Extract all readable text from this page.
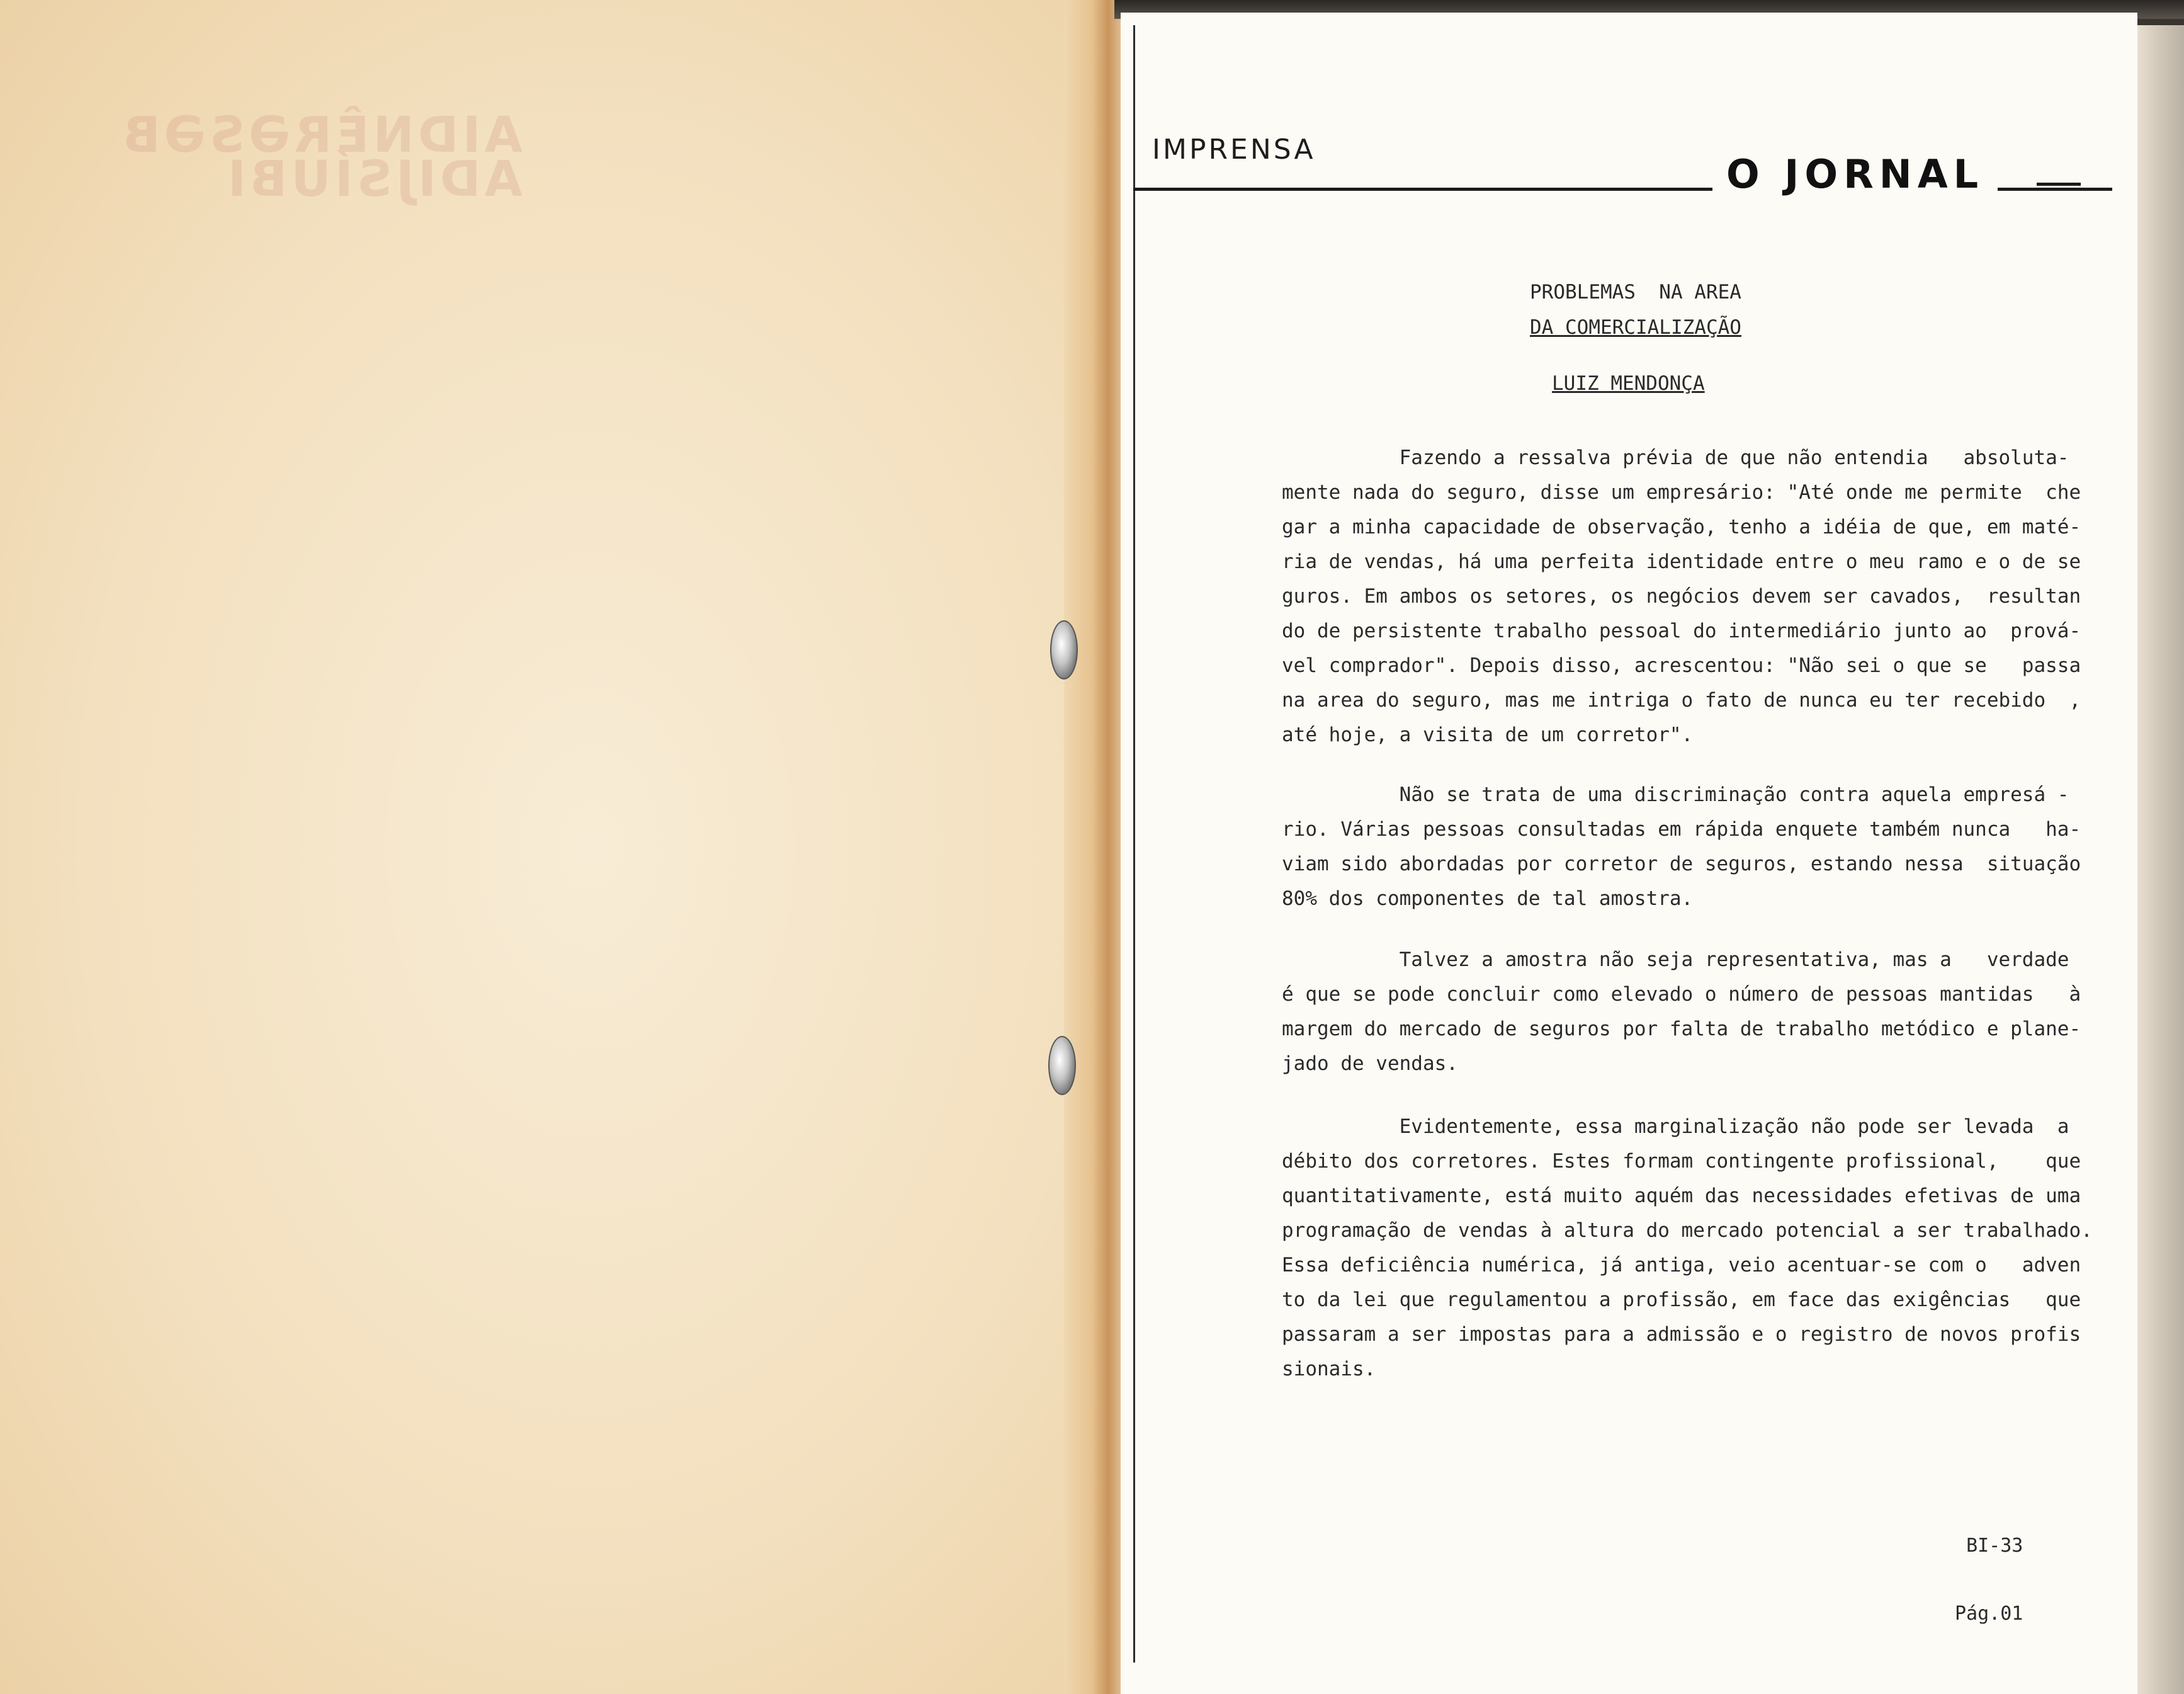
AIDNÊRƏSƏB
ADIJSÍUBI
IMPRENSA
O JORNAL
PROBLEMAS  NA AREA
DA COMERCIALIZAÇÃO
LUIZ MENDONÇA
Fazendo a ressalva prévia de que não entendia   absoluta-
mente nada do seguro, disse um empresário: "Até onde me permite  che
gar a minha capacidade de observação, tenho a idéia de que, em maté-
ria de vendas, há uma perfeita identidade entre o meu ramo e o de se
guros. Em ambos os setores, os negócios devem ser cavados,  resultan
do de persistente trabalho pessoal do intermediário junto ao  prová-
vel comprador". Depois disso, acrescentou: "Não sei o que se   passa
na area do seguro, mas me intriga o fato de nunca eu ter recebido  ,
até hoje, a visita de um corretor".
Não se trata de uma discriminação contra aquela empresá -
rio. Várias pessoas consultadas em rápida enquete também nunca   ha-
viam sido abordadas por corretor de seguros, estando nessa  situação
80% dos componentes de tal amostra.
Talvez a amostra não seja representativa, mas a   verdade
é que se pode concluir como elevado o número de pessoas mantidas   à
margem do mercado de seguros por falta de trabalho metódico e plane-
jado de vendas.
Evidentemente, essa marginalização não pode ser levada  a
débito dos corretores. Estes formam contingente profissional,    que
quantitativamente, está muito aquém das necessidades efetivas de uma
programação de vendas à altura do mercado potencial a ser trabalhado.
Essa deficiência numérica, já antiga, veio acentuar-se com o   adven
to da lei que regulamentou a profissão, em face das exigências   que
passaram a ser impostas para a admissão e o registro de novos profis
sionais.

BI-33

Pág.01
